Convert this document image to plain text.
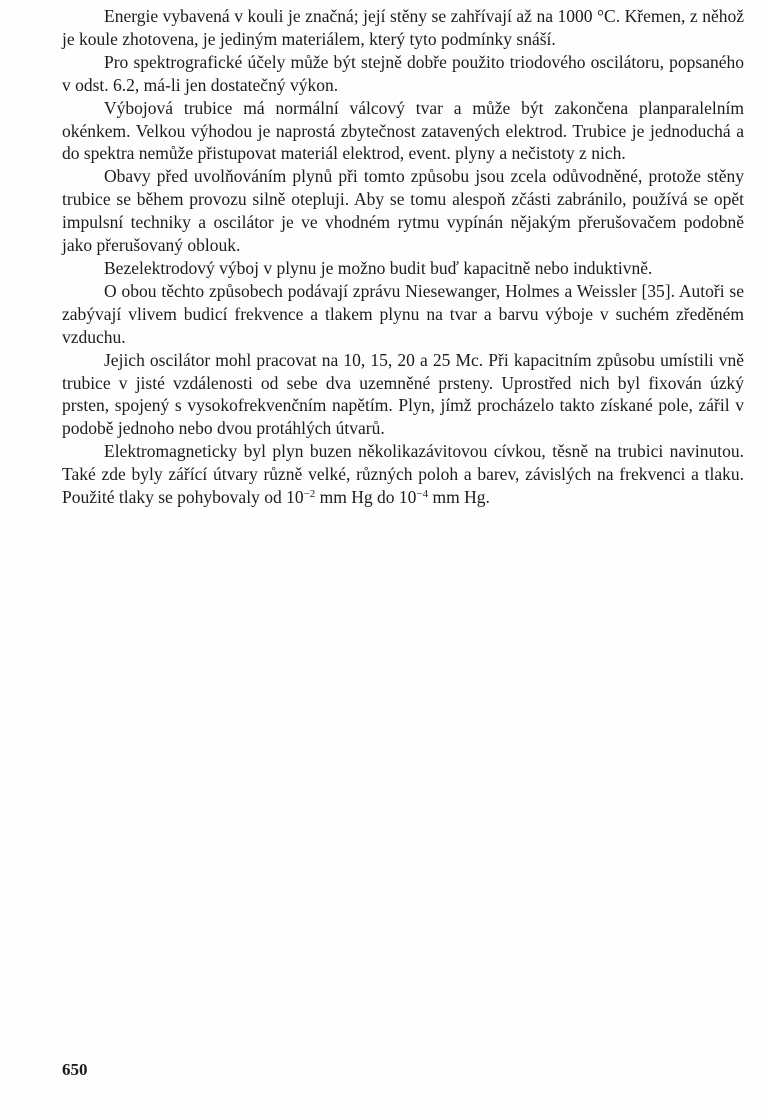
Energie vybavená v kouli je značná; její stěny se zahřívají až na 1000 °C. Křemen, z něhož je koule zhotovena, je jediným materiálem, který tyto podmínky snáší.

Pro spektrografické účely může být stejně dobře použito triodového oscilátoru, popsaného v odst. 6.2, má-li jen dostatečný výkon.

Výbojová trubice má normální válcový tvar a může být zakončena planparalelním okénkem. Velkou výhodou je naprostá zbytečnost zatavených elektrod. Trubice je jednoduchá a do spektra nemůže přistupovat materiál elektrod, event. plyny a nečistoty z nich.

Obavy před uvolňováním plynů při tomto způsobu jsou zcela odůvodněné, protože stěny trubice se během provozu silně otepluji. Aby se tomu alespoň zčásti zabránilo, používá se opět impulsní techniky a oscilátor je ve vhodném rytmu vypínán nějakým přerušovačem podobně jako přerušovaný oblouk.

Bezelektrodový výboj v plynu je možno budit buď kapacitně nebo induktivně.

O obou těchto způsobech podávají zprávu Niesewanger, Holmes a Weissler [35]. Autoři se zabývají vlivem budicí frekvence a tlakem plynu na tvar a barvu výboje v suchém zředěném vzduchu.

Jejich oscilátor mohl pracovat na 10, 15, 20 a 25 Mc. Při kapacitním způsobu umístili vně trubice v jisté vzdálenosti od sebe dva uzemněné prsteny. Uprostřed nich byl fixován úzký prsten, spojený s vysokofrekvenčním napětím. Plyn, jímž procházelo takto získané pole, zářil v podobě jednoho nebo dvou protáhlých útvarů.

Elektromagneticky byl plyn buzen několikazávitovou cívkou, těsně na trubici navinutou. Také zde byly zářící útvary různě velké, různých poloh a barev, závislých na frekvenci a tlaku. Použité tlaky se pohybovaly od $10^{-2}$ mm Hg do $10^{-4}$ mm Hg.

650
